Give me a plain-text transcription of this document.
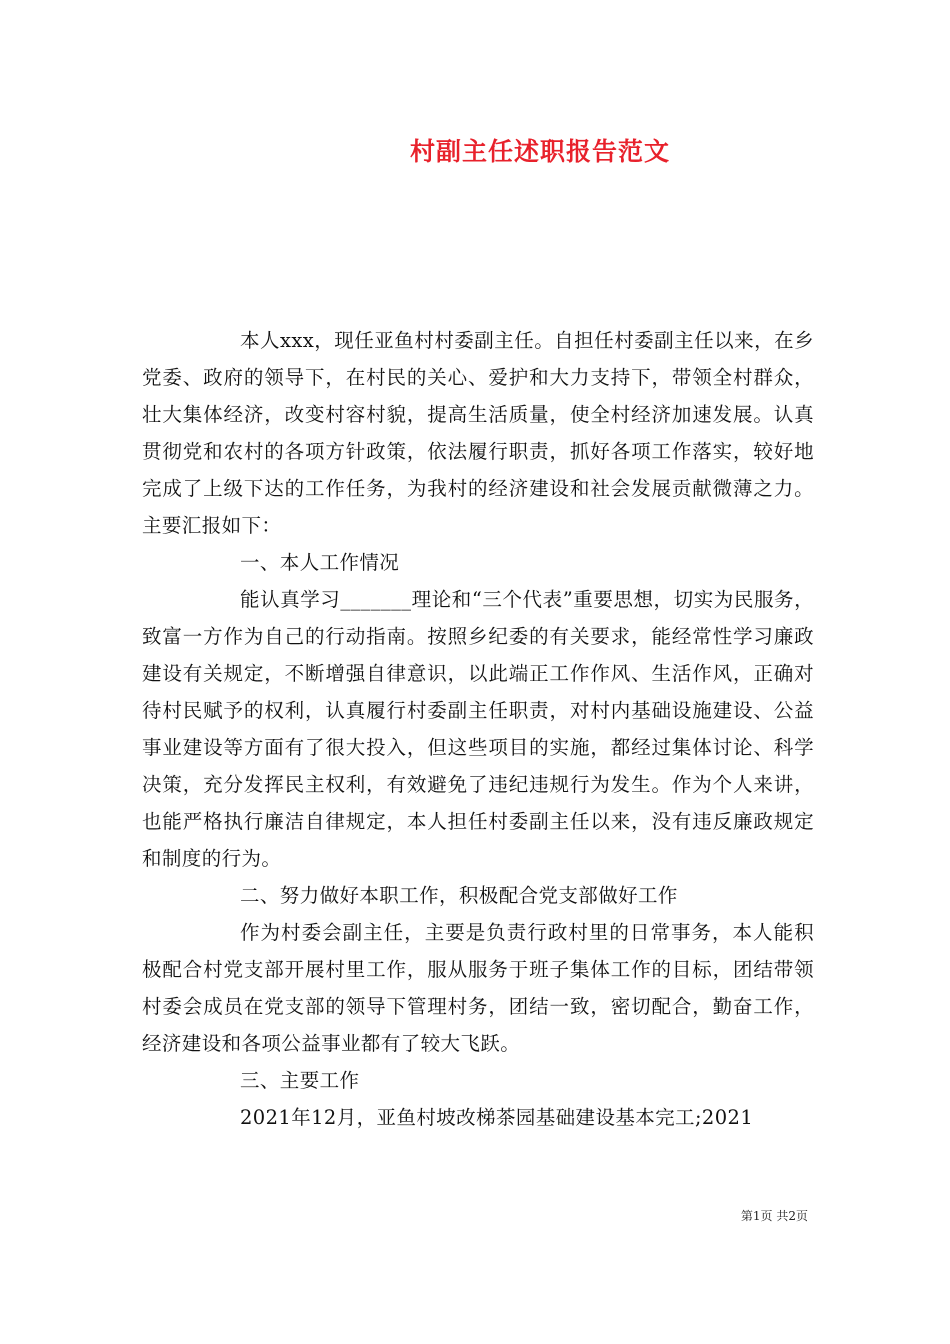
村副主任述职报告范文

本人xxx，现任亚鱼村村委副主任。自担任村委副主任以来，在乡党委、政府的领导下，在村民的关心、爱护和大力支持下，带领全村群众，壮大集体经济，改变村容村貌，提高生活质量，使全村经济加速发展。认真贯彻党和农村的各项方针政策，依法履行职责，抓好各项工作落实，较好地完成了上级下达的工作任务，为我村的经济建设和社会发展贡献微薄之力。主要汇报如下：

一、本人工作情况

能认真学习_______理论和“三个代表”重要思想，切实为民服务，致富一方作为自己的行动指南。按照乡纪委的有关要求，能经常性学习廉政建设有关规定，不断增强自律意识，以此端正工作作风、生活作风，正确对待村民赋予的权利，认真履行村委副主任职责，对村内基础设施建设、公益事业建设等方面有了很大投入，但这些项目的实施，都经过集体讨论、科学决策，充分发挥民主权利，有效避免了违纪违规行为发生。作为个人来讲，也能严格执行廉洁自律规定，本人担任村委副主任以来，没有违反廉政规定和制度的行为。

二、努力做好本职工作，积极配合党支部做好工作

作为村委会副主任，主要是负责行政村里的日常事务，本人能积极配合村党支部开展村里工作，服从服务于班子集体工作的目标，团结带领村委会成员在党支部的领导下管理村务，团结一致，密切配合，勤奋工作，经济建设和各项公益事业都有了较大飞跃。

三、主要工作

2021年12月，亚鱼村坡改梯茶园基础建设基本完工;2021

第1页 共2页
